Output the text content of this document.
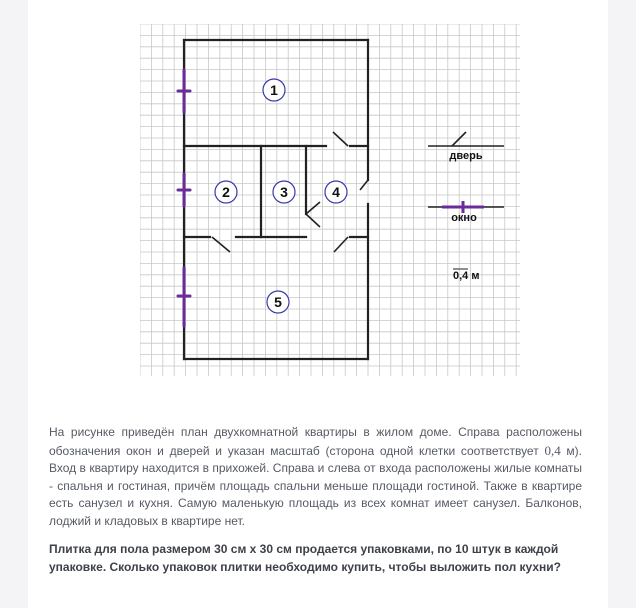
1
2	3	4
5
дверь
окно
0,4 м

На рисунке приведён план двухкомнатной квартиры в жилом доме. Справа расположены обозначения окон и дверей и указан масштаб (сторона одной клетки соответствует 0,4 м). Вход в квартиру находится в прихожей. Справа и слева от входа расположены жилые комнаты - спальня и гостиная, причём площадь спальни меньше площади гостиной. Также в квартире есть санузел и кухня. Самую маленькую площадь из всех комнат имеет санузел. Балконов, лоджий и кладовых в квартире нет.

Плитка для пола размером 30 см х 30 см продается упаковками, по 10 штук в каждой упаковке. Сколько упаковок плитки необходимо купить, чтобы выложить пол кухни?
